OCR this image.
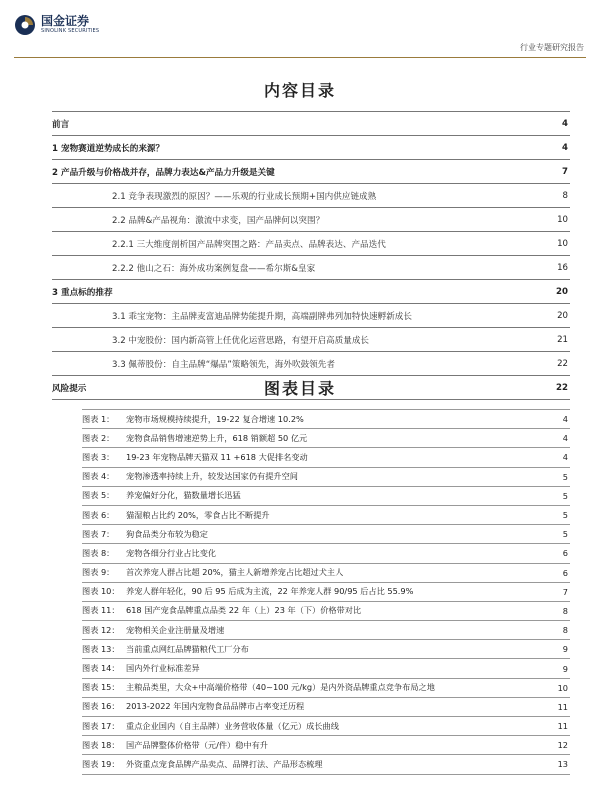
国金证券
SINOLINK SECURITIES
行业专题研究报告
内容目录
前言	4
1 宠物赛道逆势成长的来源？	4
2 产品升级与价格战并存，品牌力表达&产品力升级是关键	7
2.1 竞争表现激烈的原因？——乐观的行业成长预期+国内供应链成熟	8
2.2 品牌&产品视角：激流中求变，国产品牌何以突围？	10
2.2.1 三大维度剖析国产品牌突围之路：产品卖点、品牌表达、产品迭代	10
2.2.2 他山之石：海外成功案例复盘——希尔斯&皇家	16
3 重点标的推荐	20
3.1 乖宝宠物：主品牌麦富迪品牌势能提升期，高端副牌弗列加特快速孵新成长	20
3.2 中宠股份：国内新高管上任优化运营思路，有望开启高质量成长	21
3.3 佩蒂股份：自主品牌“爆品”策略领先，海外吹鼓领先者	22
风险提示	22
图表目录
图表 1：	宠物市场规模持续提升，19-22 复合增速 10.2%	4
图表 2：	宠物食品销售增速逆势上升，618 销额超 50 亿元	4
图表 3：	19-23 年宠物品牌天猫双 11 +618 大促排名变动	4
图表 4：	宠物渗透率持续上升，较发达国家仍有提升空间	5
图表 5：	养宠偏好分化，猫数量增长迅猛	5
图表 6：	猫湿粮占比约 20%，零食占比不断提升	5
图表 7：	狗食品类分布较为稳定	5
图表 8：	宠物各细分行业占比变化	6
图表 9：	首次养宠人群占比超 20%，猫主人新增养宠占比超过犬主人	6
图表 10： 养宠人群年轻化，90 后 95 后成为主流，22 年养宠人群 90/95 后占比 55.9%	7
图表 11： 618 国产宠食品牌重点品类 22 年（上）23 年（下）价格带对比	8
图表 12： 宠物相关企业注册量及增速	8
图表 13： 当前重点网红品牌猫粮代工厂分布	9
图表 14： 国内外行业标准差异	9
图表 15： 主粮品类里，大众+中高端价格带（40~100 元/kg）是内外资品牌重点竞争布局之地	10
图表 16： 2013-2022 年国内宠物食品品牌市占率变迁历程	11
图表 17： 重点企业国内（自主品牌）业务营收体量（亿元）成长曲线	11
图表 18： 国产品牌整体价格带（元/件）稳中有升	12
图表 19： 外资重点宠食品牌产品卖点、品牌打法、产品形态梳理	13
